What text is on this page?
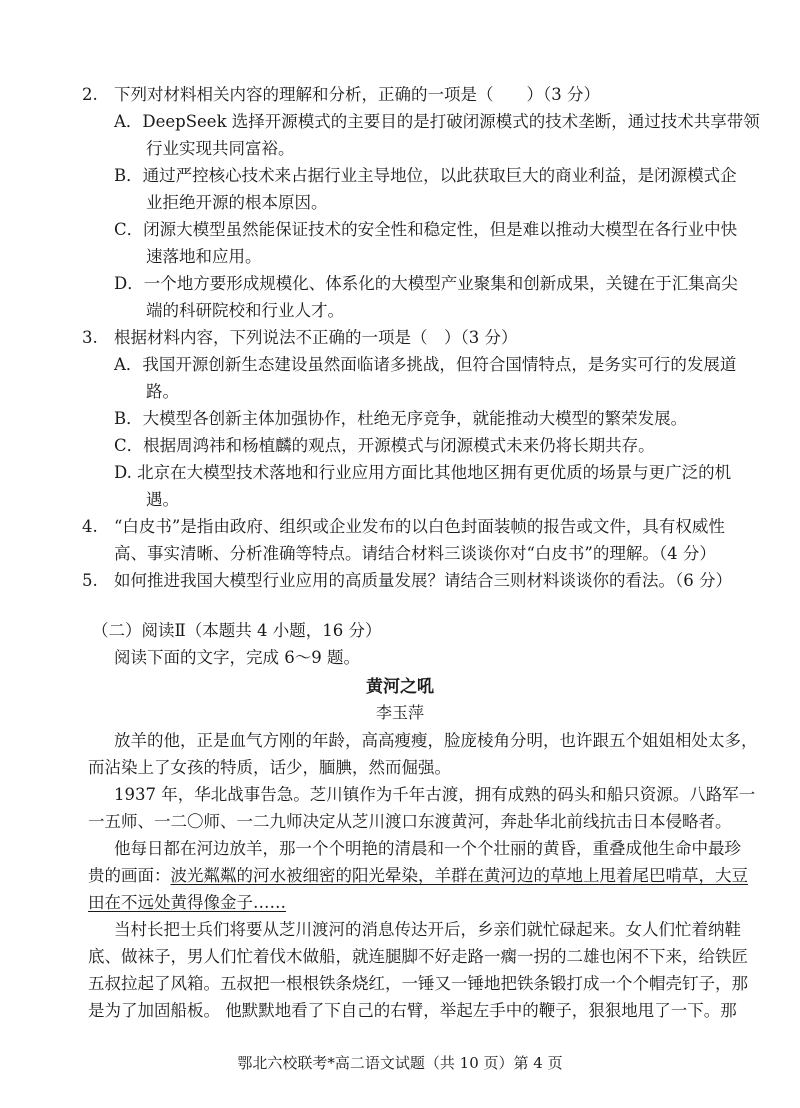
2. 下列对材料相关内容的理解和分析，正确的一项是（　　）（3 分）
A．DeepSeek 选择开源模式的主要目的是打破闭源模式的技术垄断，通过技术共享带领
行业实现共同富裕。
B．通过严控核心技术来占据行业主导地位，以此获取巨大的商业利益，是闭源模式企
业拒绝开源的根本原因。
C．闭源大模型虽然能保证技术的安全性和稳定性，但是难以推动大模型在各行业中快
速落地和应用。
D．一个地方要形成规模化、体系化的大模型产业聚集和创新成果，关键在于汇集高尖
端的科研院校和行业人才。
3. 根据材料内容，下列说法不正确的一项是（　）（3 分）
A．我国开源创新生态建设虽然面临诸多挑战，但符合国情特点，是务实可行的发展道
路。
B．大模型各创新主体加强协作，杜绝无序竞争，就能推动大模型的繁荣发展。
C．根据周鸿祎和杨植麟的观点，开源模式与闭源模式未来仍将长期共存。
D. 北京在大模型技术落地和行业应用方面比其他地区拥有更优质的场景与更广泛的机
遇。
4. “白皮书”是指由政府、组织或企业发布的以白色封面装帧的报告或文件，具有权威性
高、事实清晰、分析准确等特点。请结合材料三谈谈你对“白皮书”的理解。（4 分）
5. 如何推进我国大模型行业应用的高质量发展？请结合三则材料谈谈你的看法。（6 分）
（二）阅读Ⅱ（本题共 4 小题，16 分）
阅读下面的文字，完成 6～9 题。
黄河之吼
李玉萍
放羊的他，正是血气方刚的年龄，高高瘦瘦，脸庞棱角分明，也许跟五个姐姐相处太多，
而沾染上了女孩的特质，话少，腼腆，然而倔强。
1937 年，华北战事告急。芝川镇作为千年古渡，拥有成熟的码头和船只资源。八路军一
一五师、一二〇师、一二九师决定从芝川渡口东渡黄河，奔赴华北前线抗击日本侵略者。
他每日都在河边放羊，那一个个明艳的清晨和一个个壮丽的黄昏，重叠成他生命中最珍
贵的画面：波光粼粼的河水被细密的阳光晕染，羊群在黄河边的草地上甩着尾巴啃草，大豆
田在不远处黄得像金子……
当村长把士兵们将要从芝川渡河的消息传达开后，乡亲们就忙碌起来。女人们忙着纳鞋
底、做袜子，男人们忙着伐木做船，就连腿脚不好走路一瘸一拐的二雄也闲不下来，给铁匠
五叔拉起了风箱。五叔把一根根铁条烧红，一锤又一锤地把铁条锻打成一个个帽壳钉子，那
是为了加固船板。 他默默地看了下自己的右臂，举起左手中的鞭子，狠狠地甩了一下。那
鄂北六校联考*高二语文试题（共 10 页）第 4 页
